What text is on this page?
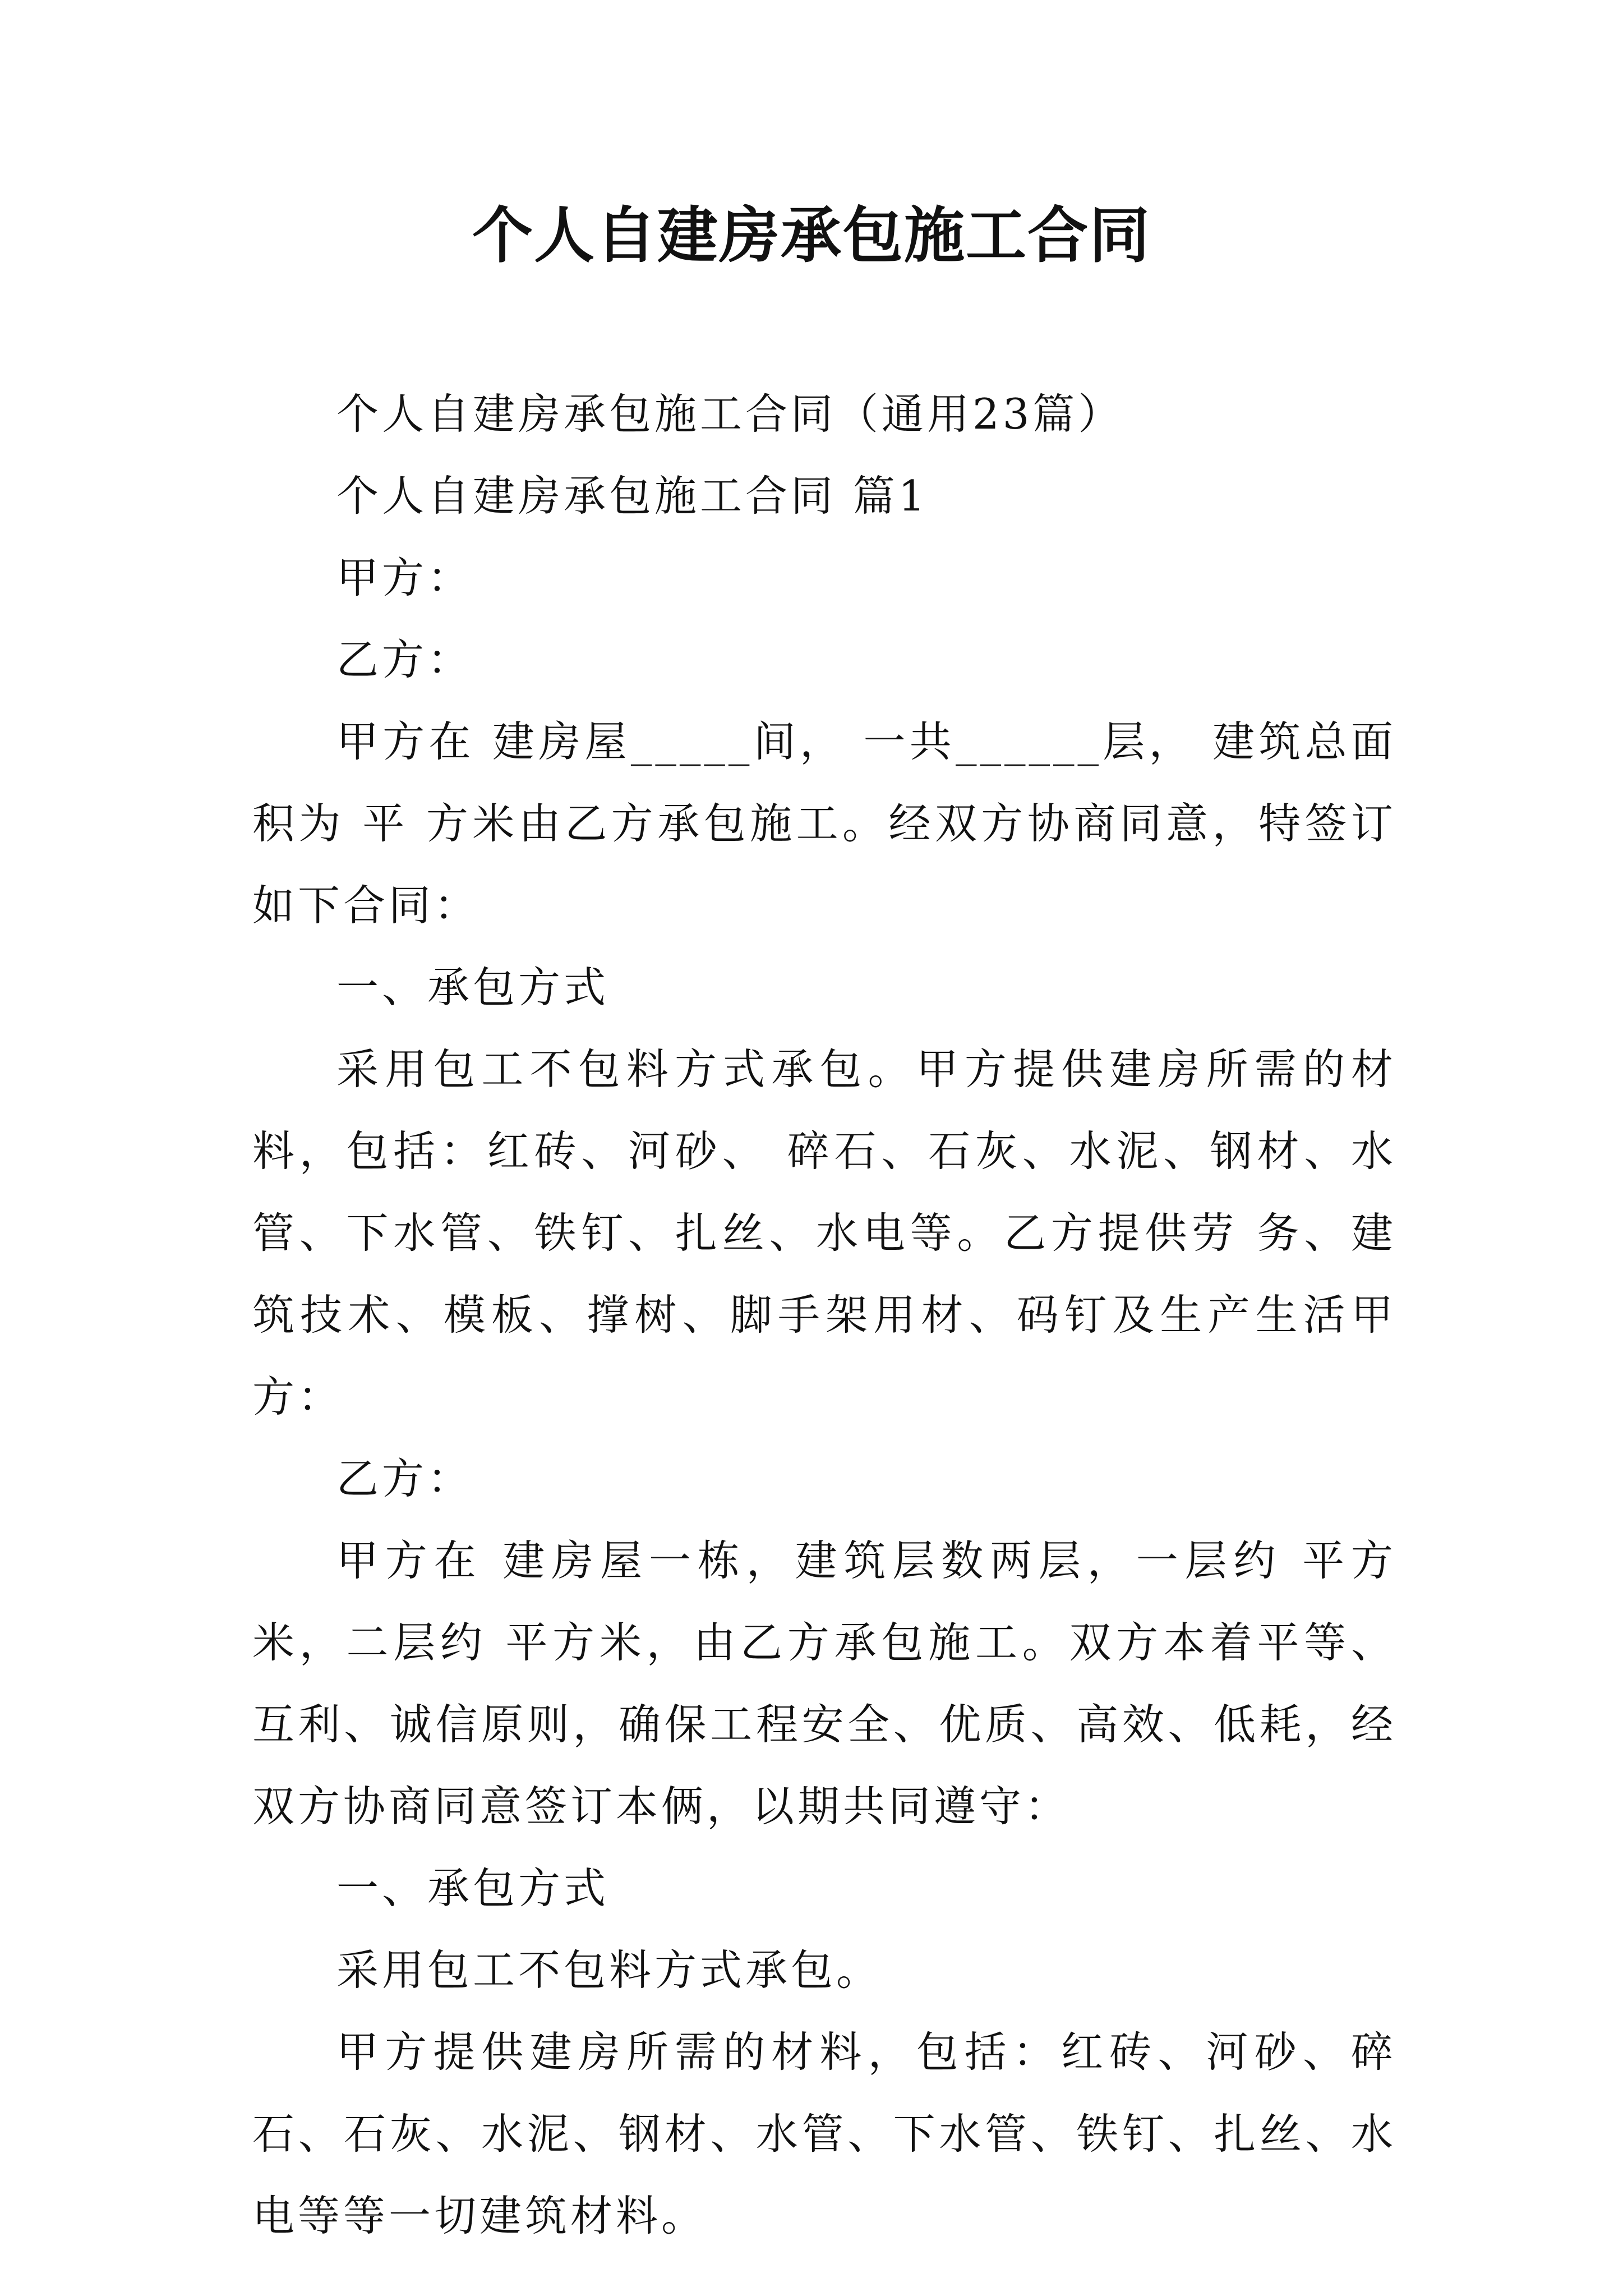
个人自建房承包施工合同

个人自建房承包施工合同（通用23篇）

个人自建房承包施工合同 篇1

甲方：

乙方：

甲方在 建房屋_____间， 一共______层， 建筑总面积为 平 方米由乙方承包施工。经双方协商同意，特签订如下合同：

一、承包方式

采用包工不包料方式承包。甲方提供建房所需的材料，包括：红砖、河砂、 碎石、石灰、水泥、钢材、水管、下水管、铁钉、扎丝、水电等。乙方提供劳 务、建筑技术、模板、撑树、脚手架用材、码钉及生产生活甲方：

乙方：

甲方在 建房屋一栋，建筑层数两层，一层约 平方米，二层约 平方米，由乙方承包施工。双方本着平等、互利、诚信原则，确保工程安全、优质、高效、低耗，经双方协商同意签订本俩，以期共同遵守：

一、承包方式

采用包工不包料方式承包。

甲方提供建房所需的材料，包括：红砖、河砂、碎石、石灰、水泥、钢材、水管、下水管、铁钉、扎丝、水电等等一切建筑材料。
